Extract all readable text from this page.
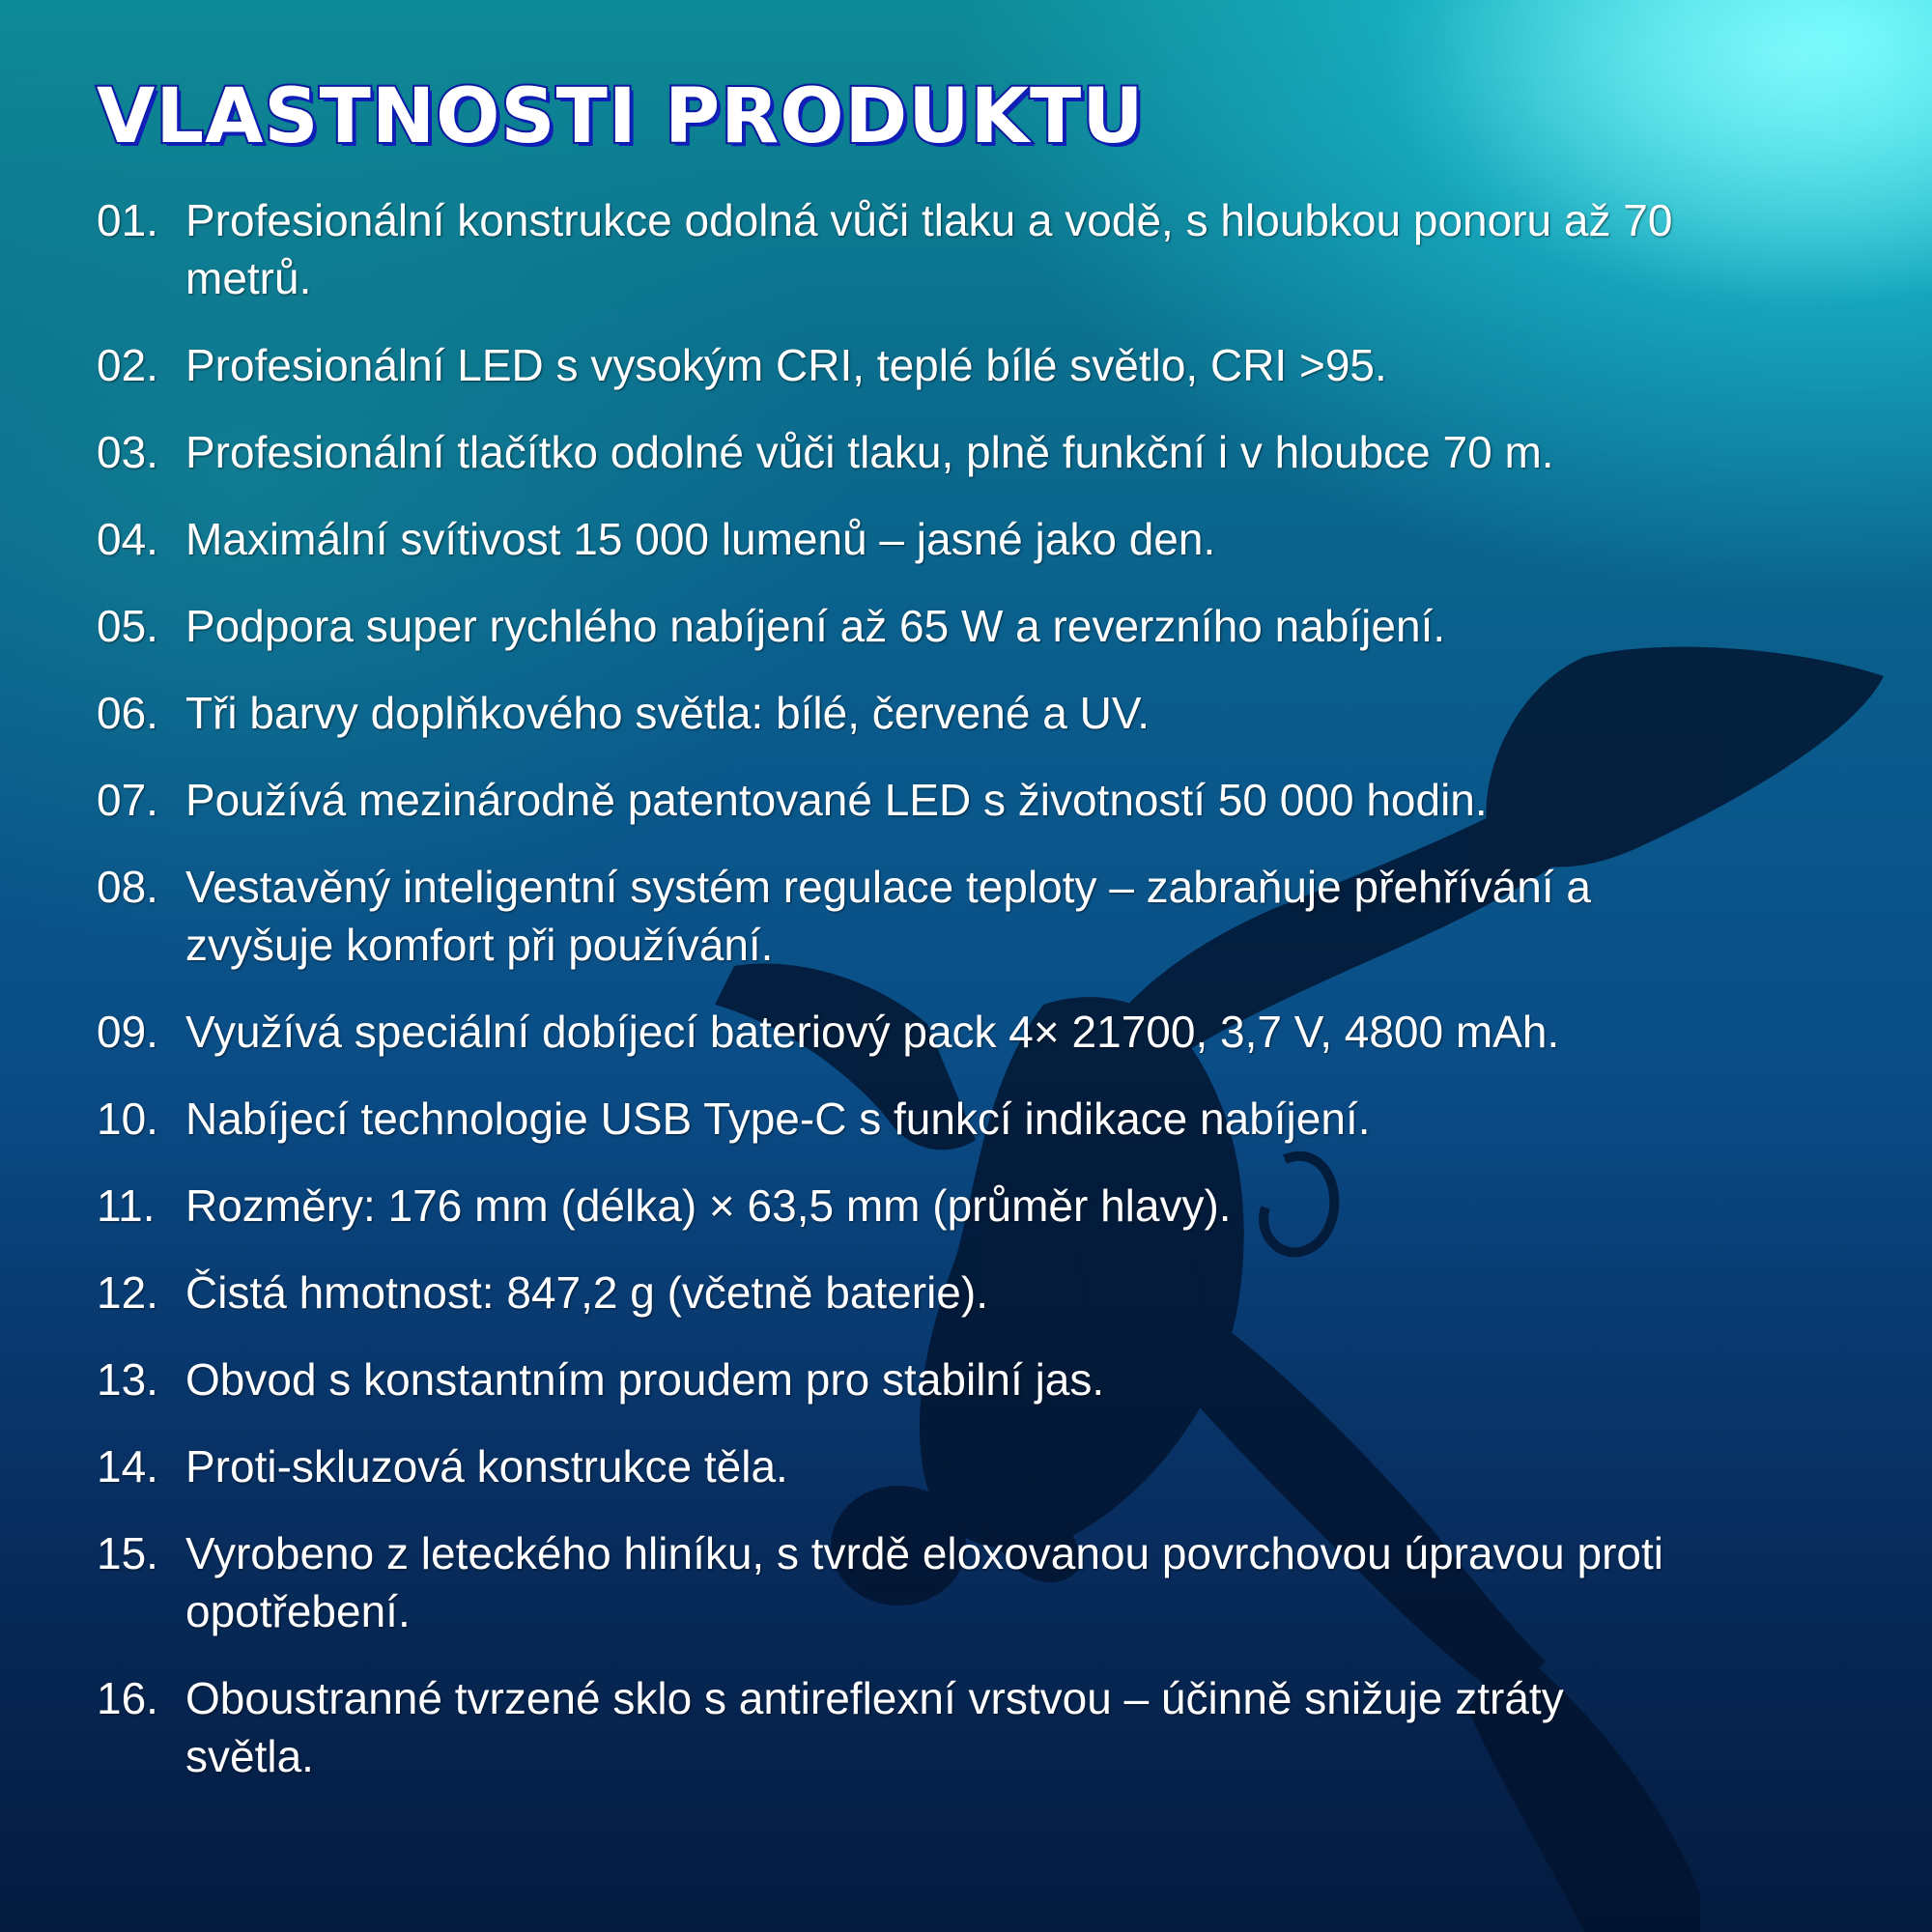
VLASTNOSTI PRODUKTU
01. Profesionální konstrukce odolná vůči tlaku a vodě, s hloubkou ponoru až 70 metrů.
02. Profesionální LED s vysokým CRI, teplé bílé světlo, CRI >95.
03. Profesionální tlačítko odolné vůči tlaku, plně funkční i v hloubce 70 m.
04. Maximální svítivost 15 000 lumenů – jasné jako den.
05. Podpora super rychlého nabíjení až 65 W a reverzního nabíjení.
06. Tři barvy doplňkového světla: bílé, červené a UV.
07. Používá mezinárodně patentované LED s životností 50 000 hodin.
08. Vestavěný inteligentní systém regulace teploty – zabraňuje přehřívání a zvyšuje komfort při používání.
09. Využívá speciální dobíjecí bateriový pack 4× 21700, 3,7 V, 4800 mAh.
10. Nabíjecí technologie USB Type-C s funkcí indikace nabíjení.
11. Rozměry: 176 mm (délka) × 63,5 mm (průměr hlavy).
12. Čistá hmotnost: 847,2 g (včetně baterie).
13. Obvod s konstantním proudem pro stabilní jas.
14. Proti-skluzová konstrukce těla.
15. Vyrobeno z leteckého hliníku, s tvrdě eloxovanou povrchovou úpravou proti opotřebení.
16. Oboustranné tvrzené sklo s antireflexní vrstvou – účinně snižuje ztráty světla.
